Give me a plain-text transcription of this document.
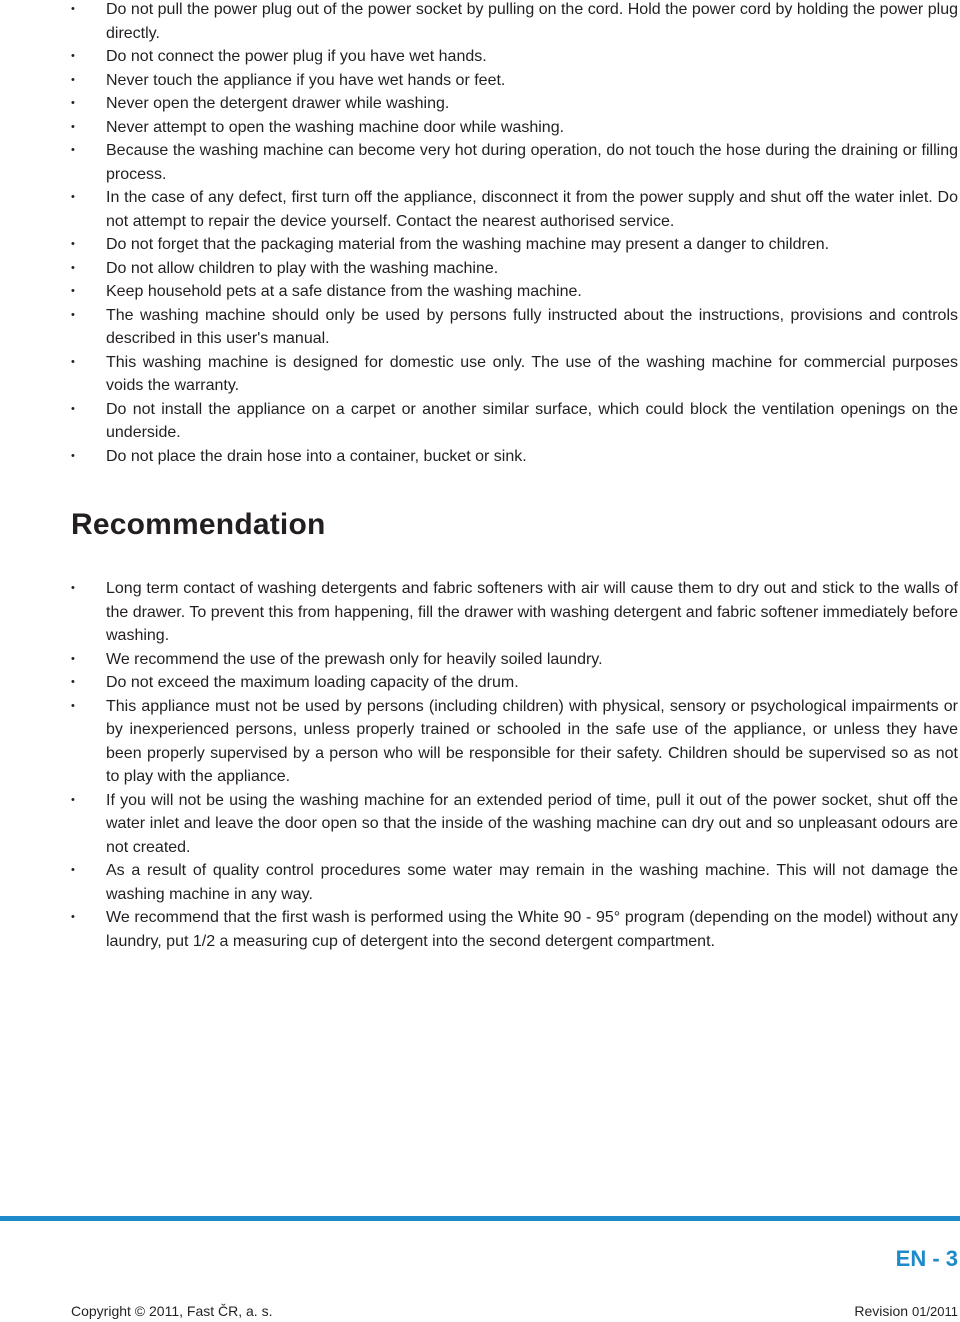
• Do not pull the power plug out of the power socket by pulling on the cord. Hold the power cord by holding the power plug directly.
• Do not connect the power plug if you have wet hands.
• Never touch the appliance if you have wet hands or feet.
• Never open the detergent drawer while washing.
• Never attempt to open the washing machine door while washing.
• Because the washing machine can become very hot during operation, do not touch the hose during the draining or filling process.
• In the case of any defect, first turn off the appliance, disconnect it from the power supply and shut off the water inlet. Do not attempt to repair the device yourself. Contact the nearest authorised service.
• Do not forget that the packaging material from the washing machine may present a danger to children.
• Do not allow children to play with the washing machine.
• Keep household pets at a safe distance from the washing machine.
• The washing machine should only be used by persons fully instructed about the instructions, provisions and controls described in this user's manual.
• This washing machine is designed for domestic use only. The use of the washing machine for commercial purposes voids the warranty.
• Do not install the appliance on a carpet or another similar surface, which could block the ventilation openings on the underside.
• Do not place the drain hose into a container, bucket or sink.
Recommendation
• Long term contact of washing detergents and fabric softeners with air will cause them to dry out and stick to the walls of the drawer. To prevent this from happening, fill the drawer with washing detergent and fabric softener immediately before washing.
• We recommend the use of the prewash only for heavily soiled laundry.
• Do not exceed the maximum loading capacity of the drum.
• This appliance must not be used by persons (including children) with physical, sensory or psychological impairments or by inexperienced persons, unless properly trained or schooled in the safe use of the appliance, or unless they have been properly supervised by a person who will be responsible for their safety. Children should be supervised so as not to play with the appliance.
• If you will not be using the washing machine for an extended period of time, pull it out of the power socket, shut off the water inlet and leave the door open so that the inside of the washing machine can dry out and so unpleasant odours are not created.
• As a result of quality control procedures some water may remain in the washing machine. This will not damage the washing machine in any way.
• We recommend that the first wash is performed using the White 90 - 95° program (depending on the model) without any laundry, put 1/2 a measuring cup of detergent into the second detergent compartment.
EN - 3
Copyright © 2011, Fast ČR, a. s.	Revision 01/2011
